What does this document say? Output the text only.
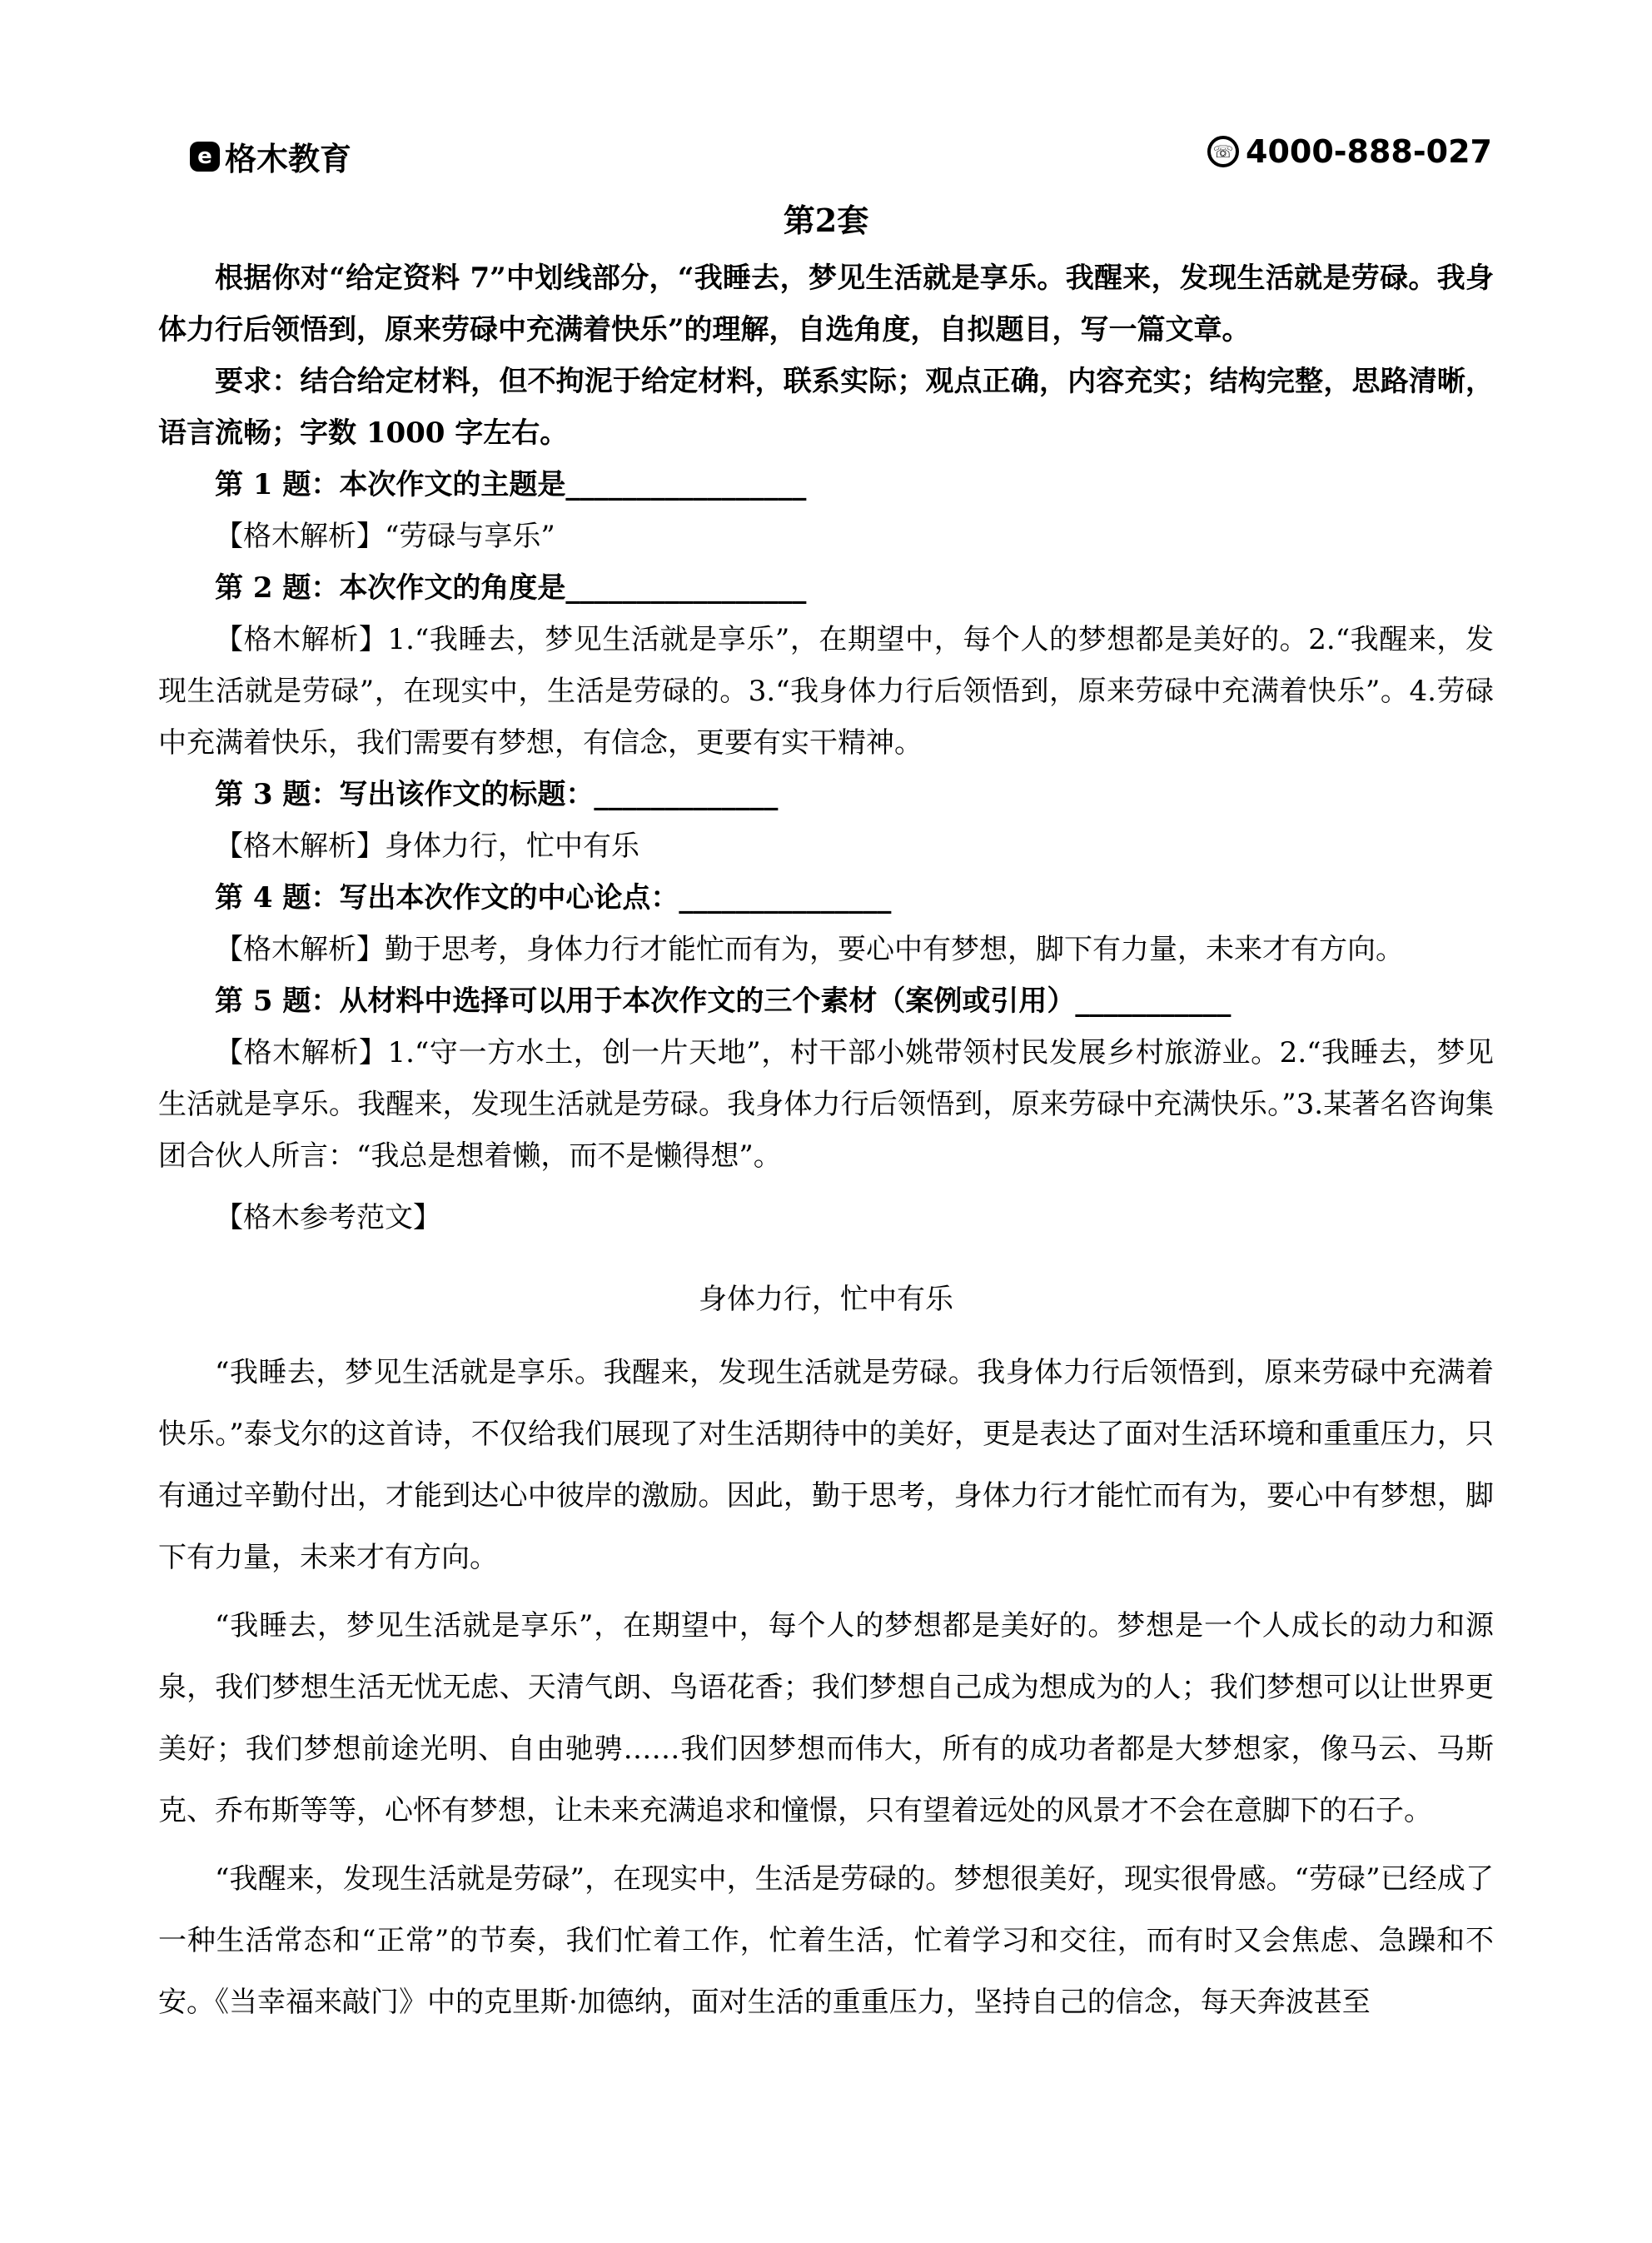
e 格木教育	☏ 4000-888-027
第2套

根据你对“给定资料 7”中划线部分，“我睡去，梦见生活就是享乐。我醒来，发现生活就是劳碌。我身体力行后领悟到，原来劳碌中充满着快乐”的理解，自选角度，自拟题目，写一篇文章。

要求：结合给定材料，但不拘泥于给定材料，联系实际；观点正确，内容充实；结构完整，思路清晰，语言流畅；字数 1000 字左右。

第 1 题：本次作文的主题是_________________

【格木解析】“劳碌与享乐”

第 2 题：本次作文的角度是_________________

【格木解析】1.“我睡去，梦见生活就是享乐”，在期望中，每个人的梦想都是美好的。2.“我醒来，发现生活就是劳碌”，在现实中，生活是劳碌的。3.“我身体力行后领悟到，原来劳碌中充满着快乐”。4.劳碌中充满着快乐，我们需要有梦想，有信念，更要有实干精神。

第 3 题：写出该作文的标题：_____________

【格木解析】身体力行，忙中有乐

第 4 题：写出本次作文的中心论点：_______________

【格木解析】勤于思考，身体力行才能忙而有为，要心中有梦想，脚下有力量，未来才有方向。

第 5 题：从材料中选择可以用于本次作文的三个素材（案例或引用）___________

【格木解析】1.“守一方水土，创一片天地”，村干部小姚带领村民发展乡村旅游业。2.“我睡去，梦见生活就是享乐。我醒来，发现生活就是劳碌。我身体力行后领悟到，原来劳碌中充满快乐。”3.某著名咨询集团合伙人所言：“我总是想着懒，而不是懒得想”。

【格木参考范文】

身体力行，忙中有乐

“我睡去，梦见生活就是享乐。我醒来，发现生活就是劳碌。我身体力行后领悟到，原来劳碌中充满着快乐。”泰戈尔的这首诗，不仅给我们展现了对生活期待中的美好，更是表达了面对生活环境和重重压力，只有通过辛勤付出，才能到达心中彼岸的激励。因此，勤于思考，身体力行才能忙而有为，要心中有梦想，脚下有力量，未来才有方向。

“我睡去，梦见生活就是享乐”，在期望中，每个人的梦想都是美好的。梦想是一个人成长的动力和源泉，我们梦想生活无忧无虑、天清气朗、鸟语花香；我们梦想自己成为想成为的人；我们梦想可以让世界更美好；我们梦想前途光明、自由驰骋……我们因梦想而伟大，所有的成功者都是大梦想家，像马云、马斯克、乔布斯等等，心怀有梦想，让未来充满追求和憧憬，只有望着远处的风景才不会在意脚下的石子。

“我醒来，发现生活就是劳碌”，在现实中，生活是劳碌的。梦想很美好，现实很骨感。“劳碌”已经成了一种生活常态和“正常”的节奏，我们忙着工作，忙着生活，忙着学习和交往，而有时又会焦虑、急躁和不安。《当幸福来敲门》中的克里斯·加德纳，面对生活的重重压力，坚持自己的信念，每天奔波甚至
